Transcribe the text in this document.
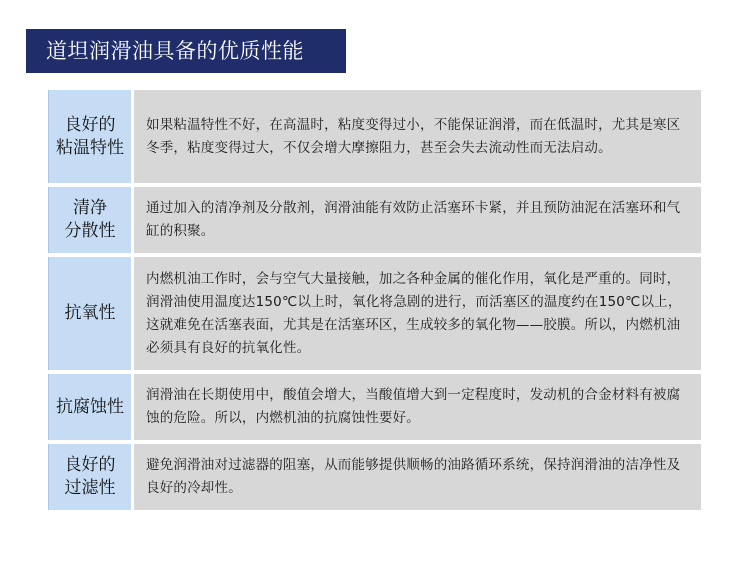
道坦润滑油具备的优质性能
良好的
粘温特性
如果粘温特性不好，在高温时，粘度变得过小，不能保证润滑，而在低温时，尤其是寒区冬季，粘度变得过大，不仅会增大摩擦阻力，甚至会失去流动性而无法启动。
清净
分散性
通过加入的清净剂及分散剂，润滑油能有效防止活塞环卡紧，并且预防油泥在活塞环和气缸的积聚。
抗氧性
内燃机油工作时，会与空气大量接触，加之各种金属的催化作用，氧化是严重的。同时，润滑油使用温度达150℃以上时，氧化将急剧的进行，而活塞区的温度约在150℃以上，这就难免在活塞表面，尤其是在活塞环区，生成较多的氧化物——胶膜。所以，内燃机油必须具有良好的抗氧化性。
抗腐蚀性
润滑油在长期使用中，酸值会增大，当酸值增大到一定程度时，发动机的合金材料有被腐蚀的危险。所以，内燃机油的抗腐蚀性要好。
良好的
过滤性
避免润滑油对过滤器的阻塞，从而能够提供顺畅的油路循环系统，保持润滑油的洁净性及良好的冷却性。
